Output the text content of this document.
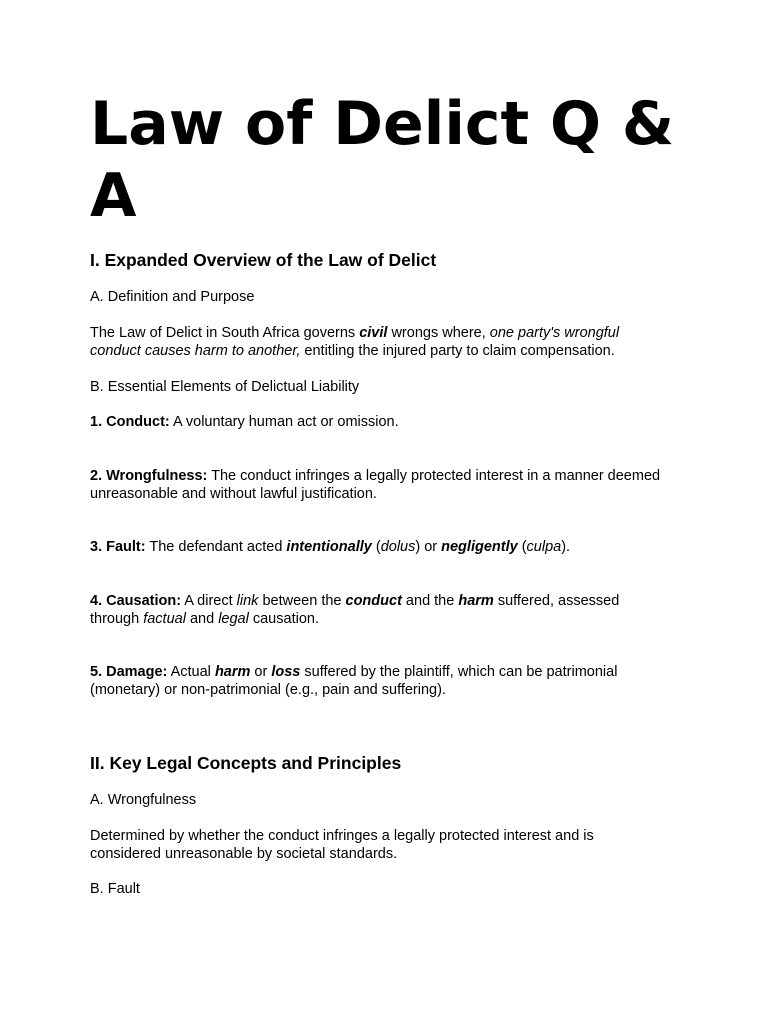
Law of Delict Q & A
I. Expanded Overview of the Law of Delict

A. Definition and Purpose

The Law of Delict in South Africa governs civil wrongs where, one party's wrongful conduct causes harm to another, entitling the injured party to claim compensation.

B. Essential Elements of Delictual Liability

1. Conduct: A voluntary human act or omission.

2. Wrongfulness: The conduct infringes a legally protected interest in a manner deemed unreasonable and without lawful justification.

3. Fault: The defendant acted intentionally (dolus) or negligently (culpa).

4. Causation: A direct link between the conduct and the harm suffered, assessed through factual and legal causation.

5. Damage: Actual harm or loss suffered by the plaintiff, which can be patrimonial (monetary) or non-patrimonial (e.g., pain and suffering).

II. Key Legal Concepts and Principles

A. Wrongfulness

Determined by whether the conduct infringes a legally protected interest and is considered unreasonable by societal standards.

B. Fault
